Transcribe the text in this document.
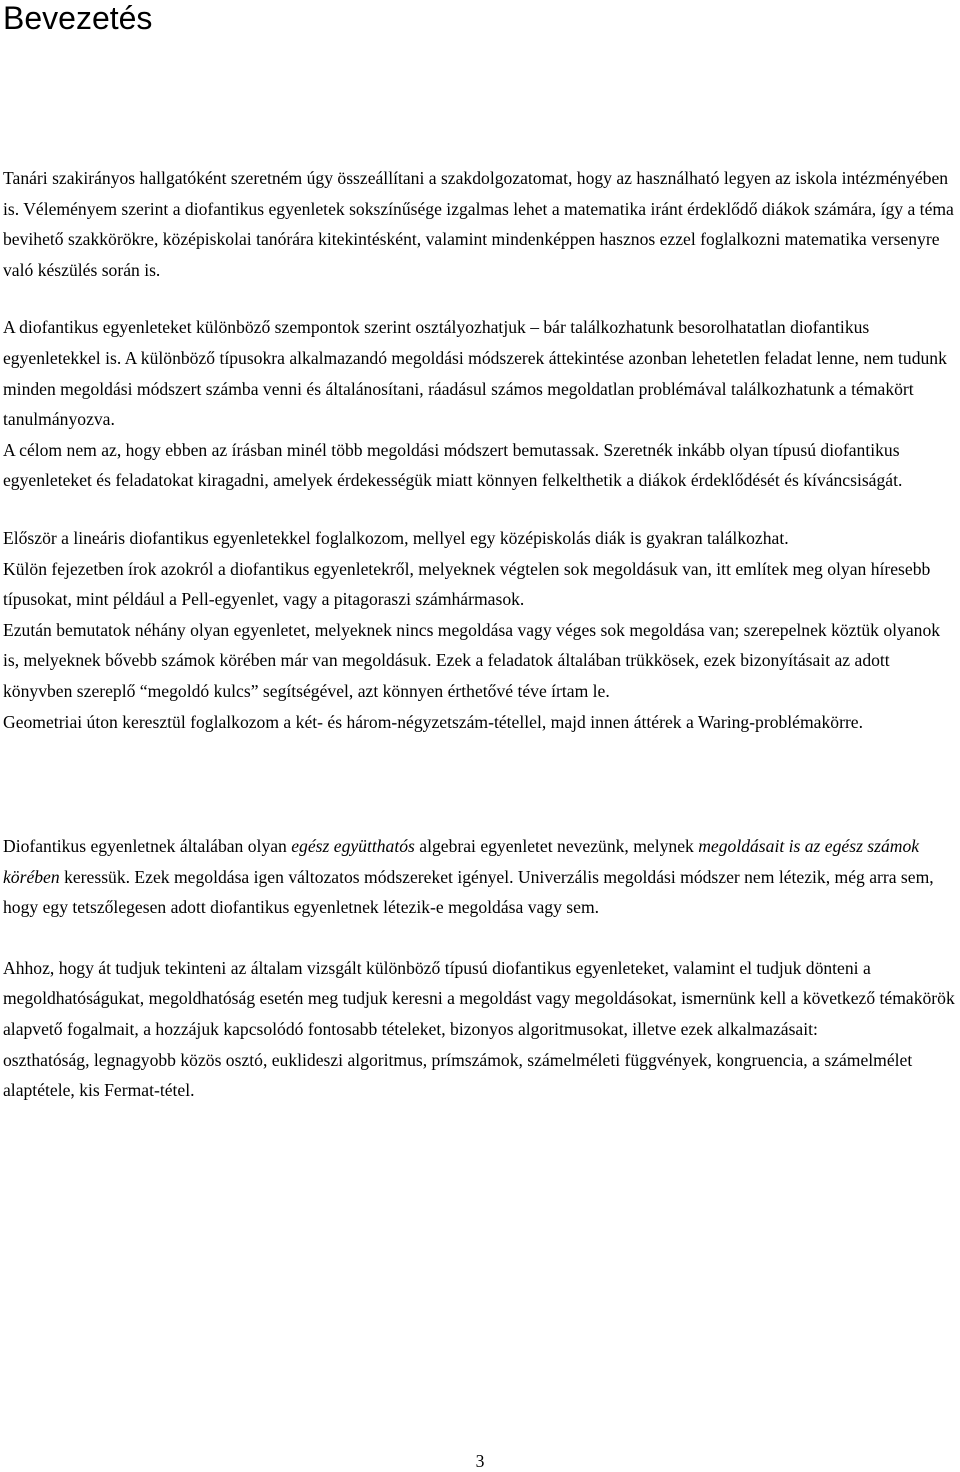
Bevezetés

Tanári szakirányos hallgatóként szeretném úgy összeállítani a szakdolgozatomat, hogy az használható legyen az iskola intézményében is. Véleményem szerint a diofantikus egyenletek sokszínűsége izgalmas lehet a matematika iránt érdeklődő diákok számára, így a téma bevihető szakkörökre, középiskolai tanórára kitekintésként, valamint mindenképpen hasznos ezzel foglalkozni matematika versenyre való készülés során is.

A diofantikus egyenleteket különböző szempontok szerint osztályozhatjuk – bár találkozhatunk besorolhatatlan diofantikus egyenletekkel is. A különböző típusokra alkalmazandó megoldási módszerek áttekintése azonban lehetetlen feladat lenne, nem tudunk minden megoldási módszert számba venni és általánosítani, ráadásul számos megoldatlan problémával találkozhatunk a témakört tanulmányozva.

A célom nem az, hogy ebben az írásban minél több megoldási módszert bemutassak. Szeretnék inkább olyan típusú diofantikus egyenleteket és feladatokat kiragadni, amelyek érdekességük miatt könnyen felkelthetik a diákok érdeklődését és kíváncsiságát.

Először a lineáris diofantikus egyenletekkel foglalkozom, mellyel egy középiskolás diák is gyakran találkozhat.

Külön fejezetben írok azokról a diofantikus egyenletekről, melyeknek végtelen sok megoldásuk van, itt említek meg olyan híresebb típusokat, mint például a Pell-egyenlet, vagy a pitagoraszi számhármasok.

Ezután bemutatok néhány olyan egyenletet, melyeknek nincs megoldása vagy véges sok megoldása van; szerepelnek köztük olyanok is, melyeknek bővebb számok körében már van megoldásuk. Ezek a feladatok általában trükkösek, ezek bizonyításait az adott könyvben szereplő “megoldó kulcs” segítségével, azt könnyen érthetővé téve írtam le.

Geometriai úton keresztül foglalkozom a két- és három-négyzetszám-tétellel, majd innen áttérek a Waring-problémakörre.

Diofantikus egyenletnek általában olyan egész együtthatós algebrai egyenletet nevezünk, melynek megoldásait is az egész számok körében keressük. Ezek megoldása igen változatos módszereket igényel. Univerzális megoldási módszer nem létezik, még arra sem, hogy egy tetszőlegesen adott diofantikus egyenletnek létezik-e megoldása vagy sem.

Ahhoz, hogy át tudjuk tekinteni az általam vizsgált különböző típusú diofantikus egyenleteket, valamint el tudjuk dönteni a megoldhatóságukat, megoldhatóság esetén meg tudjuk keresni a megoldást vagy megoldásokat, ismernünk kell a következő témakörök alapvető fogalmait, a hozzájuk kapcsolódó fontosabb tételeket, bizonyos algoritmusokat, illetve ezek alkalmazásait:

oszthatóság, legnagyobb közös osztó, euklideszi algoritmus, prímszámok, számelméleti függvények, kongruencia, a számelmélet alaptétele, kis Fermat-tétel.

3
